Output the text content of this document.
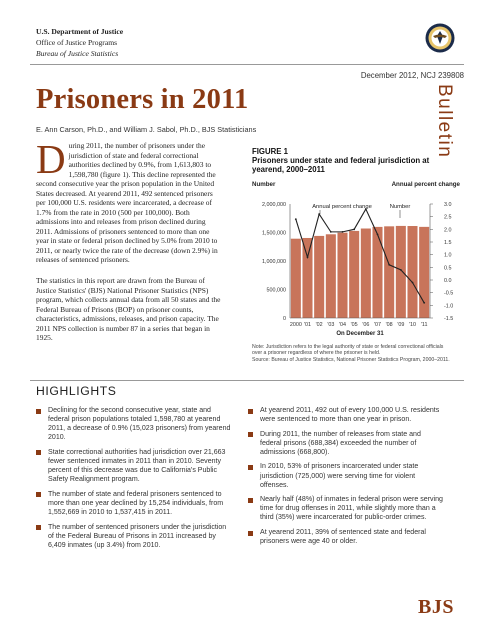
U.S. Department of Justice
Office of Justice Programs
Bureau of Justice Statistics
December 2012, NCJ 239808
Bulletin
Prisoners in 2011
E. Ann Carson, Ph.D., and William J. Sabol, Ph.D., BJS Statisticians
During 2011, the number of prisoners under the jurisdiction of state and federal correctional authorities declined by 0.9%, from 1,613,803 to 1,598,780 (figure 1). This decline represented the second consecutive year the prison population in the United States decreased. At yearend 2011, 492 sentenced prisoners per 100,000 U.S. residents were incarcerated, a decrease of 1.7% from the rate in 2010 (500 per 100,000). Both admissions into and releases from prison declined during 2011. Admissions of prisoners sentenced to more than one year in state or federal prison declined by 5.0% from 2010 to 2011, or nearly twice the rate of the decrease (down 2.9%) in releases of sentenced prisoners.
The statistics in this report are drawn from the Bureau of Justice Statistics' (BJS) National Prisoner Statistics (NPS) program, which collects annual data from all 50 states and the Federal Bureau of Prisons (BOP) on prisoner counts, characteristics, admissions, releases, and prison capacity. The 2011 NPS collection is number 87 in a series that began in 1925.
FIGURE 1
Prisoners under state and federal jurisdiction at yearend, 2000–2011
Number	Annual percent change
0
500,000
1,000,000
1,500,000
2,000,000
-1.5
-1.0
-0.5
0.0
0.5
1.0
1.5
2.0
2.5
3.0
Annual percent change	Number
2000 '01 '02 '03 '04 '05 '06 '07 '08 '09 '10 '11
On December 31
Note: Jurisdiction refers to the legal authority of state or federal correctional officials over a prisoner regardless of where the prisoner is held.
Source: Bureau of Justice Statistics, National Prisoner Statistics Program, 2000–2011.
HIGHLIGHTS
Declining for the second consecutive year, state and federal prison populations totaled 1,598,780 at yearend 2011, a decrease of 0.9% (15,023 prisoners) from yearend 2010.
State correctional authorities had jurisdiction over 21,663 fewer sentenced inmates in 2011 than in 2010. Seventy percent of this decrease was due to California's Public Safety Realignment program.
The number of state and federal prisoners sentenced to more than one year declined by 15,254 individuals, from 1,552,669 in 2010 to 1,537,415 in 2011.
The number of sentenced prisoners under the jurisdiction of the Federal Bureau of Prisons in 2011 increased by 6,409 inmates (up 3.4%) from 2010.
At yearend 2011, 492 out of every 100,000 U.S. residents were sentenced to more than one year in prison.
During 2011, the number of releases from state and federal prisons (688,384) exceeded the number of admissions (668,800).
In 2010, 53% of prisoners incarcerated under state jurisdiction (725,000) were serving time for violent offenses.
Nearly half (48%) of inmates in federal prison were serving time for drug offenses in 2011, while slightly more than a third (35%) were incarcerated for public-order crimes.
At yearend 2011, 39% of sentenced state and federal prisoners were age 40 or older.
BJS
